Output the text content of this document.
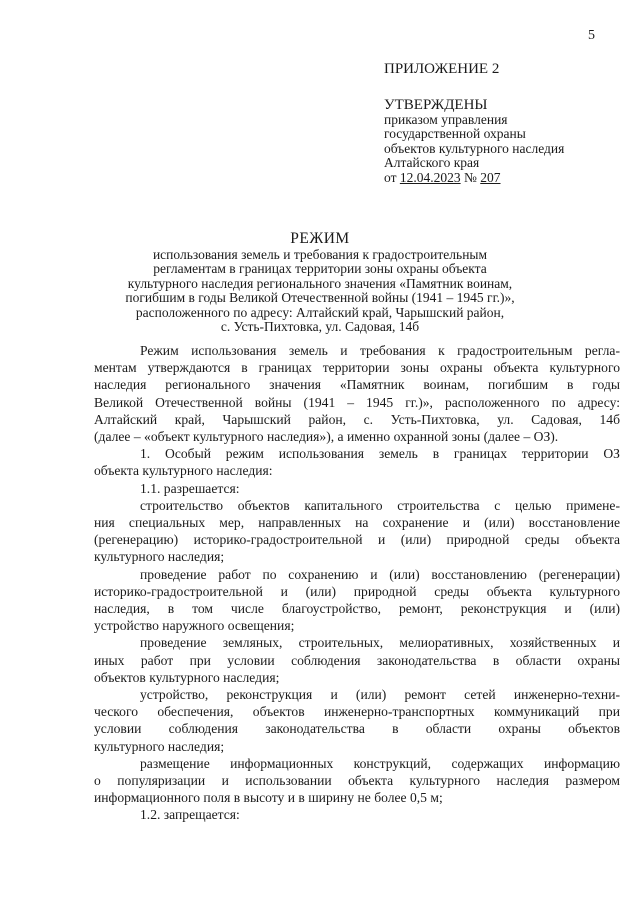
5
ПРИЛОЖЕНИЕ 2
УТВЕРЖДЕНЫ
приказом управления
государственной охраны
объектов культурного наследия
Алтайского края
от 12.04.2023 № 207
РЕЖИМ
использования земель и требования к градостроительным
регламентам в границах территории зоны охраны объекта
культурного наследия регионального значения «Памятник воинам,
погибшим в годы Великой Отечественной войны (1941 – 1945 гг.)»,
расположенного по адресу: Алтайский край, Чарышский район,
с. Усть-Пихтовка, ул. Садовая, 14б
Режим использования земель и требования к градостроительным регла-
ментам утверждаются в границах территории зоны охраны объекта культурного
наследия регионального значения «Памятник воинам, погибшим в годы
Великой Отечественной войны (1941 – 1945 гг.)», расположенного по адресу:
Алтайский край, Чарышский район, с. Усть-Пихтовка, ул. Садовая, 14б
(далее – «объект культурного наследия»), а именно охранной зоны (далее – ОЗ).
1. Особый режим использования земель в границах территории ОЗ
объекта культурного наследия:
1.1. разрешается:
строительство объектов капитального строительства с целью примене-
ния специальных мер, направленных на сохранение и (или) восстановление
(регенерацию) историко-градостроительной и (или) природной среды объекта
культурного наследия;
проведение работ по сохранению и (или) восстановлению (регенерации)
историко-градостроительной и (или) природной среды объекта культурного
наследия, в том числе благоустройство, ремонт, реконструкция и (или)
устройство наружного освещения;
проведение земляных, строительных, мелиоративных, хозяйственных и
иных работ при условии соблюдения законодательства в области охраны
объектов культурного наследия;
устройство, реконструкция и (или) ремонт сетей инженерно-техни-
ческого обеспечения, объектов инженерно-транспортных коммуникаций при
условии соблюдения законодательства в области охраны объектов
культурного наследия;
размещение информационных конструкций, содержащих информацию
о популяризации и использовании объекта культурного наследия размером
информационного поля в высоту и в ширину не более 0,5 м;
1.2. запрещается:
